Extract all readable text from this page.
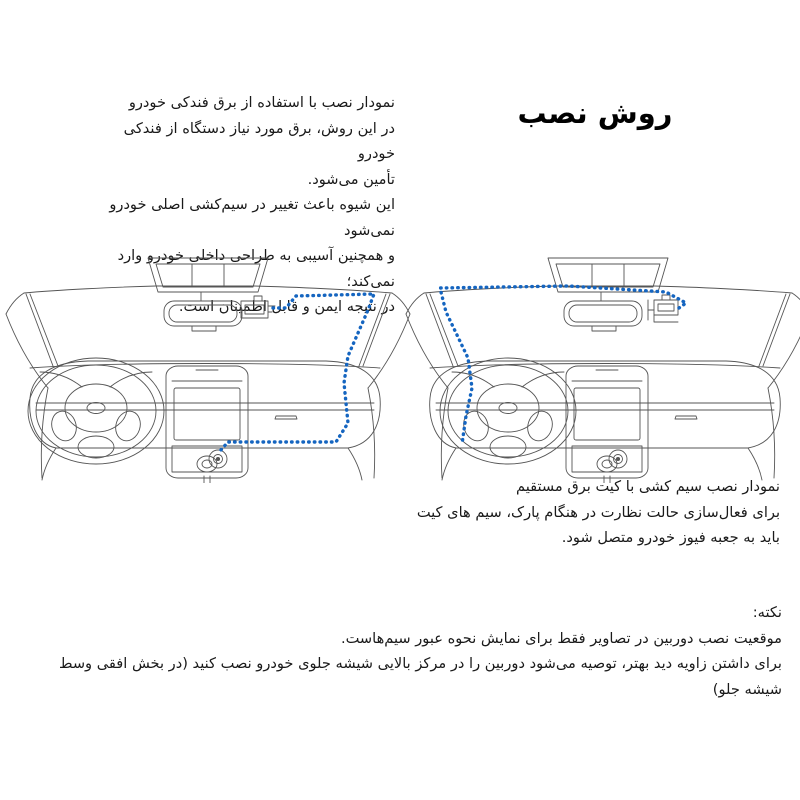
روش نصب
نمودار نصب با استفاده از برق فندکی خودرو
در این روش، برق مورد نیاز دستگاه از فندکی خودرو
تأمین می‌شود.
این شیوه باعث تغییر در سیم‌کشی اصلی خودرو نمی‌شود
و همچنین آسیبی به طراحی داخلی خودرو وارد نمی‌کند؛
در نتیجه ایمن و قابل اطمینان است.
نمودار نصب سیم کشی با کیت برق مستقیم
برای فعال‌سازی حالت نظارت در هنگام پارک، سیم های کیت
باید به جعبه فیوز خودرو متصل شود.
نکته:
موقعیت نصب دوربین در تصاویر فقط برای نمایش نحوه عبور سیم‌هاست.
برای داشتن زاویه دید بهتر، توصیه می‌شود دوربین را در مرکز بالایی شیشه جلوی خودرو نصب کنید (در بخش افقی وسط
شیشه جلو)
